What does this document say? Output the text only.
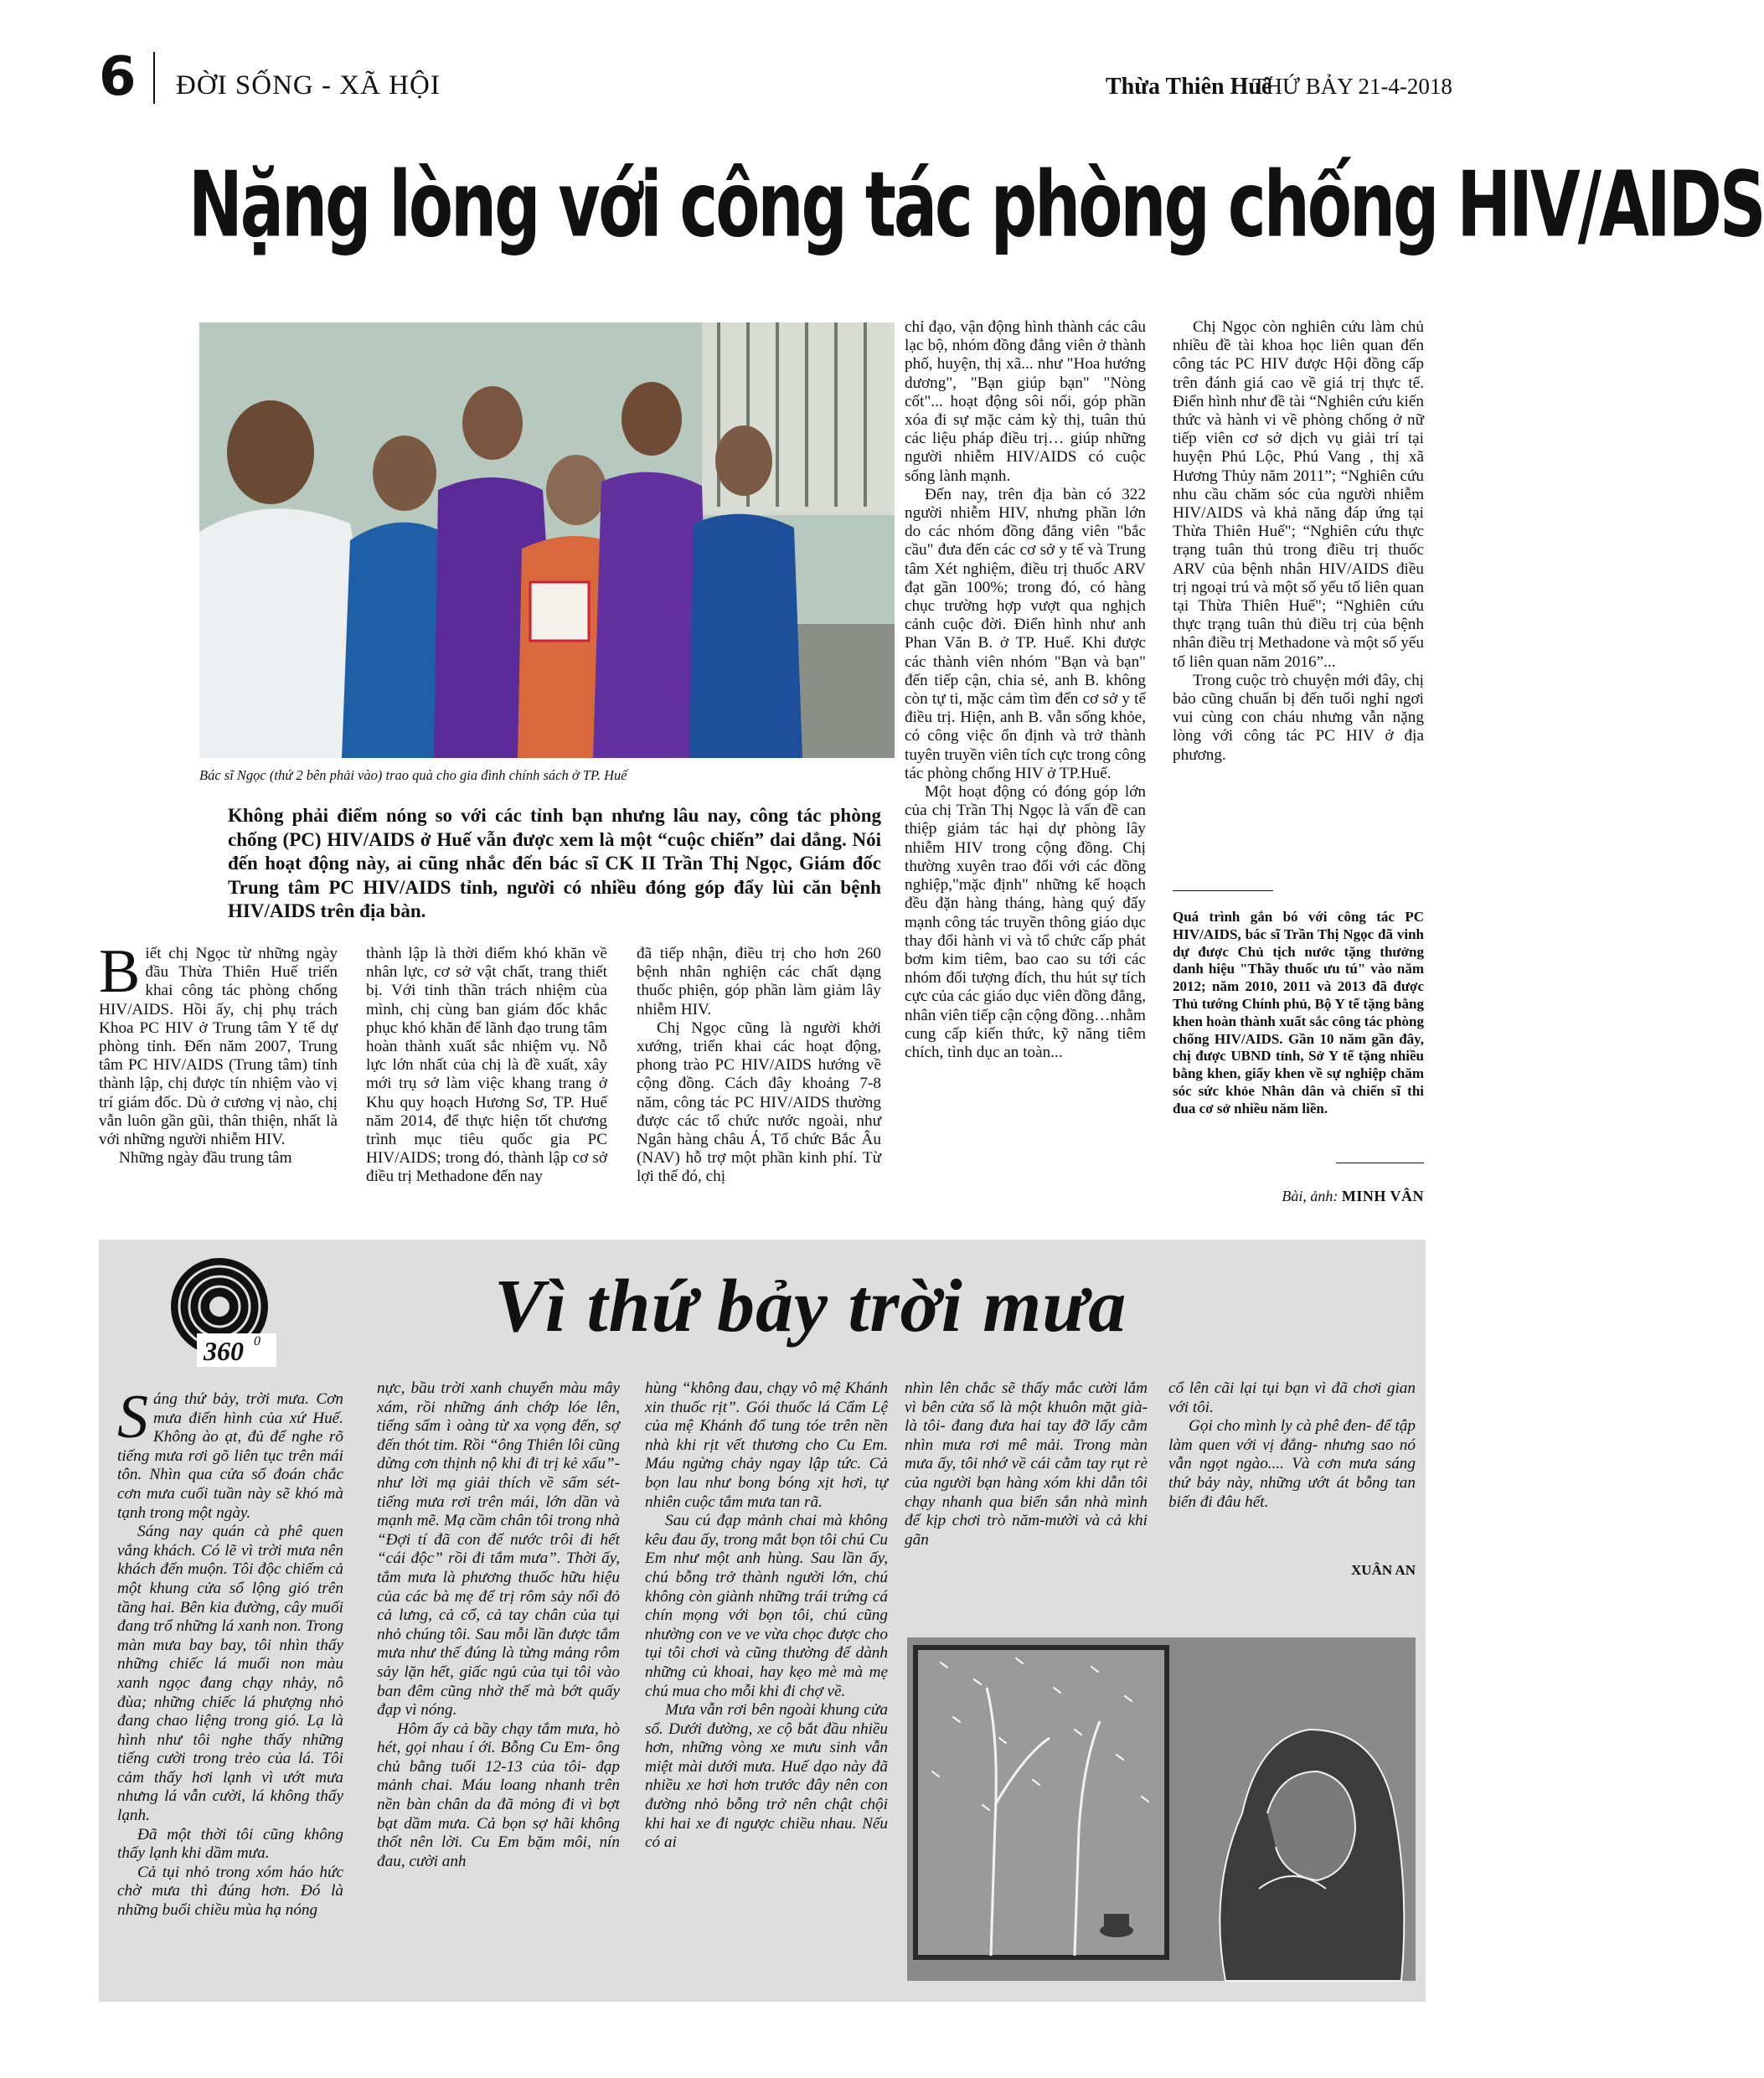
6 ĐỜI SỐNG - XÃ HỘI	Thừa Thiên Huế
THỨ BẢY 21-4-2018
Nặng lòng với công tác phòng chống HIV/AIDS
Bác sĩ Ngọc (thứ 2 bên phải vào) trao quà cho gia đình chính sách ở TP. Huế
Không phải điểm nóng so với các tỉnh bạn nhưng lâu nay, công tác phòng chống (PC) HIV/AIDS ở Huế vẫn được xem là một “cuộc chiến” dai dẳng. Nói đến hoạt động này, ai cũng nhắc đến bác sĩ CK II Trần Thị Ngọc, Giám đốc Trung tâm PC HIV/AIDS tỉnh, người có nhiều đóng góp đẩy lùi căn bệnh HIV/AIDS trên địa bàn.

Biết chị Ngọc từ những ngày đầu Thừa Thiên Huế triển khai công tác phòng chống HIV/AIDS. Hồi ấy, chị phụ trách Khoa PC HIV ở Trung tâm Y tế dự phòng tỉnh. Đến năm 2007, Trung tâm PC HIV/AIDS (Trung tâm) tỉnh thành lập, chị được tín nhiệm vào vị trí giám đốc. Dù ở cương vị nào, chị vẫn luôn gần gũi, thân thiện, nhất là với những người nhiễm HIV.

Những ngày đầu trung tâm

thành lập là thời điểm khó khăn về nhân lực, cơ sở vật chất, trang thiết bị. Với tinh thần trách nhiệm cùa mình, chị cùng ban giám đốc khắc phục khó khăn để lãnh đạo trung tâm hoàn thành xuất sắc nhiệm vụ. Nỗ lực lớn nhất của chị là đề xuất, xây mới trụ sở làm việc khang trang ở Khu quy hoạch Hương Sơ, TP. Huế năm 2014, để thực hiện tốt chương trình mục tiêu quốc gia PC HIV/AIDS; trong đó, thành lập cơ sở điều trị Methadone đến nay

đã tiếp nhận, điều trị cho hơn 260 bệnh nhân nghiện các chất dạng thuốc phiện, góp phần làm giảm lây nhiễm HIV.

Chị Ngọc cũng là người khởi xướng, triển khai các hoạt động, phong trào PC HIV/AIDS hướng về cộng đồng. Cách đây khoảng 7-8 năm, công tác PC HIV/AIDS thường được các tổ chức nước ngoài, như Ngân hàng châu Á, Tổ chức Bắc Âu (NAV) hỗ trợ một phần kinh phí. Từ lợi thế đó, chị

chỉ đạo, vận động hình thành các câu lạc bộ, nhóm đồng đẳng viên ở thành phố, huyện, thị xã... như "Hoa hướng dương", "Bạn giúp bạn" "Nòng cốt"... hoạt động sôi nổi, góp phần xóa đi sự mặc cảm kỳ thị, tuân thủ các liệu pháp điều trị… giúp những người nhiễm HIV/AIDS có cuộc sống lành mạnh.

Đến nay, trên địa bàn có 322 người nhiễm HIV, nhưng phần lớn do các nhóm đồng đẳng viên "bắc cầu" đưa đến các cơ sở y tế và Trung tâm Xét nghiệm, điều trị thuốc ARV đạt gần 100%; trong đó, có hàng chục trường hợp vượt qua nghịch cảnh cuộc đời. Điển hình như anh Phan Văn B. ở TP. Huế. Khi được các thành viên nhóm "Bạn và bạn" đến tiếp cận, chia sẻ, anh B. không còn tự ti, mặc cảm tìm đến cơ sở y tế điều trị. Hiện, anh B. vẫn sống khỏe, có công việc ổn định và trở thành tuyên truyền viên tích cực trong công tác phòng chống HIV ở TP.Huế.

Một hoạt động có đóng góp lớn của chị Trần Thị Ngọc là vấn đề can thiệp giảm tác hại dự phòng lây nhiễm HIV trong cộng đồng. Chị thường xuyên trao đổi với các đồng nghiệp,"mặc định" những kế hoạch đều đặn hàng tháng, hàng quý đẩy mạnh công tác truyền thông giáo dục thay đổi hành vi và tổ chức cấp phát bơm kim tiêm, bao cao su tới các nhóm đối tượng đích, thu hút sự tích cực của các giáo dục viên đồng đẳng, nhân viên tiếp cận cộng đồng…nhằm cung cấp kiến thức, kỹ năng tiêm chích, tình dục an toàn...

Chị Ngọc còn nghiên cứu làm chủ nhiều đề tài khoa học liên quan đến công tác PC HIV được Hội đồng cấp trên đánh giá cao về giá trị thực tế. Điển hình như đề tài “Nghiên cứu kiến thức và hành vi về phòng chống ở nữ tiếp viên cơ sở dịch vụ giải trí tại huyện Phú Lộc, Phú Vang , thị xã Hương Thủy năm 2011”; “Nghiên cứu nhu cầu chăm sóc của người nhiễm HIV/AIDS và khả năng đáp ứng tại Thừa Thiên Huế"; “Nghiên cứu thực trạng tuân thủ trong điều trị thuốc ARV của bệnh nhân HIV/AIDS điều trị ngoại trú và một số yếu tố liên quan tại Thừa Thiên Huế"; “Nghiên cứu thực trạng tuân thủ điều trị của bệnh nhân điều trị Methadone và một số yếu tố liên quan năm 2016”...

Trong cuộc trò chuyện mới đây, chị bảo cũng chuẩn bị đến tuổi nghỉ ngơi vui cùng con cháu nhưng vẫn nặng lòng với công tác PC HIV ở địa phương.

Quá trình gắn bó với công tác PC HIV/AIDS, bác sĩ Trần Thị Ngọc đã vinh dự được Chủ tịch nước tặng thưởng danh hiệu "Thầy thuốc ưu tú" vào năm 2012; năm 2010, 2011 và 2013 đã được Thủ tướng Chính phủ, Bộ Y tế tặng bằng khen hoàn thành xuất sắc công tác phòng chống HIV/AIDS. Gần 10 năm gần đây, chị được UBND tỉnh, Sở Y tế tặng nhiều bằng khen, giấy khen về sự nghiệp chăm sóc sức khỏe Nhân dân và chiến sĩ thi đua cơ sở nhiều năm liền.
Bài, ảnh: MINH VÂN
360 0	Vì thứ bảy trời mưa

Sáng thứ bảy, trời mưa. Cơn mưa điển hình của xứ Huế. Không ào ạt, đủ để nghe rõ tiếng mưa rơi gõ liên tục trên mái tôn. Nhìn qua cửa sổ đoán chắc cơn mưa cuối tuần này sẽ khó mà tạnh trong một ngày.

Sáng nay quán cà phê quen vắng khách. Có lẽ vì trời mưa nên khách đến muộn. Tôi độc chiếm cả một khung cửa sổ lộng gió trên tầng hai. Bên kia đường, cây muối đang trổ những lá xanh non. Trong màn mưa bay bay, tôi nhìn thấy những chiếc lá muối non màu xanh ngọc đang chạy nhảy, nô đùa; những chiếc lá phượng nhỏ đang chao liệng trong gió. Lạ là hình như tôi nghe thấy những tiếng cười trong trẻo của lá. Tôi cảm thấy hơi lạnh vì ướt mưa nhưng lá vẫn cười, lá không thấy lạnh.

Đã một thời tôi cũng không thấy lạnh khi dầm mưa.

Cả tụi nhỏ trong xóm háo hức chờ mưa thì đúng hơn. Đó là những buổi chiều mùa hạ nóng

nực, bầu trời xanh chuyển màu mây xám, rồi những ánh chớp lóe lên, tiếng sấm ì oàng từ xa vọng đến, sợ đến thót tim. Rồi “ông Thiên lôi cũng dừng cơn thịnh nộ khi đi trị kẻ xấu”- như lời mạ giải thích về sấm sét- tiếng mưa rơi trên mái, lớn dần và mạnh mẽ. Mạ cầm chân tôi trong nhà “Đợi tí đã con để nước trôi đi hết “cái độc” rồi đi tắm mưa”. Thời ấy, tắm mưa là phương thuốc hữu hiệu của các bà mẹ để trị rôm sảy nổi đỏ cả lưng, cả cổ, cả tay chân của tụi nhỏ chúng tôi. Sau mỗi lần được tắm mưa như thế đúng là từng mảng rôm sảy lặn hết, giấc ngủ của tụi tôi vào ban đêm cũng nhờ thế mà bớt quấy đạp vì nóng.

Hôm ấy cả bầy chạy tắm mưa, hò hét, gọi nhau í ới. Bỗng Cu Em- ông chủ bằng tuổi 12-13 của tôi- đạp mảnh chai. Máu loang nhanh trên nền bàn chân da đã mỏng đi vì bợt bạt dầm mưa. Cả bọn sợ hãi không thốt nên lời. Cu Em bặm môi, nín đau, cười anh

hùng “không đau, chạy vô mệ Khánh xin thuốc rịt”. Gói thuốc lá Cẩm Lệ của mệ Khánh đổ tung tóe trên nền nhà khi rịt vết thương cho Cu Em. Máu ngừng chảy ngay lập tức. Cả bọn lau như bong bóng xịt hơi, tự nhiên cuộc tắm mưa tan rã.

Sau cú đạp mảnh chai mà không kêu đau ấy, trong mắt bọn tôi chú Cu Em như một anh hùng. Sau lần ấy, chú bỗng trở thành người lớn, chú không còn giành những trái trứng cá chín mọng với bọn tôi, chú cũng nhường con ve ve vừa chọc được cho tụi tôi chơi và cũng thường để dành những củ khoai, hay kẹo mè mà mẹ chú mua cho mỗi khi đi chợ về.

Mưa vẫn rơi bên ngoài khung cửa sổ. Dưới đường, xe cộ bắt đầu nhiều hơn, những vòng xe mưu sinh vẫn miệt mài dưới mưa. Huế dạo này đã nhiều xe hơi hơn trước đây nên con đường nhỏ bỗng trở nên chật chội khi hai xe đi ngược chiều nhau. Nếu có ai

nhìn lên chắc sẽ thấy mắc cười lắm vì bên cửa sổ là một khuôn mặt già- là tôi- đang đưa hai tay đỡ lấy cằm nhìn mưa rơi mê mải. Trong màn mưa ấy, tôi nhớ về cái cằm tay rụt rè của người bạn hàng xóm khi dẫn tôi chạy nhanh qua biển sắn nhà mình để kịp chơi trò năm-mười và cả khi gãn

cổ lên cãi lại tụi bạn vì đã chơi gian với tôi.

Gọi cho mình ly cà phê đen- để tập làm quen với vị đắng- nhưng sao nó vẫn ngọt ngào.... Và cơn mưa sáng thứ bảy này, những ướt át bỗng tan biến đi đâu hết.

XUÂN AN
